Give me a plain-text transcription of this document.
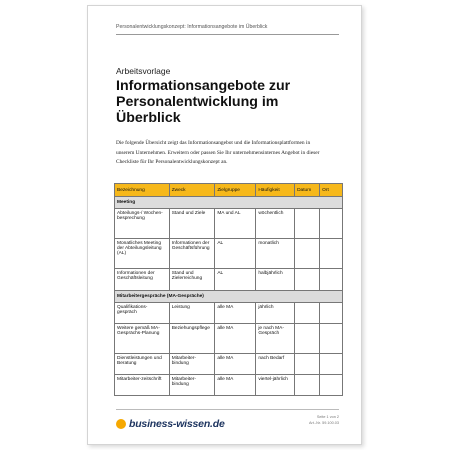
Personalentwicklungskonzept: Informationsangebote im Überblick
Arbeitsvorlage
Informationsangebote zur Personalentwicklung im Überblick
Die folgende Übersicht zeigt das Informationsangebot und die Informationsplattformen in unserem Unternehmen. Erweitern oder passen Sie Ihr unternehmensinternes Angebot in dieser Checkliste für Ihr Personalentwicklungskonzept an.
Bezeichnung	Zweck	Zielgruppe	Häufigkeit	Datum	Ort
Meeting					
Abteilungs-/ Wochen-besprechung	Stand und Ziele	MA und AL	wöchentlich		
Monatliches Meeting der Abteilungsleitung (AL)	Informationen der Geschäftsführung	AL	monatlich		
Informationen der Geschäftsleitung	Stand und Zielerreichung	AL	halbjährlich		
Mitarbeitergespräche (MA-Gespräche)					
Qualifikations-gespräch	Leistung	alle MA	jährlich		
Weitere gemäß MA-Gesprächs-Planung	Beziehungspflege	alle MA	je nach MA-Gespräch		
Dienstleistungen und Beratung	Mitarbeiter-bindung	alle MA	nach Bedarf		
Mitarbeiter-zeitschrift	Mitarbeiter-bindung	alle MA	viertel-jährlich		
business-wissen.de
Seite 1 von 2
Art.-Nr. 59.100.03
